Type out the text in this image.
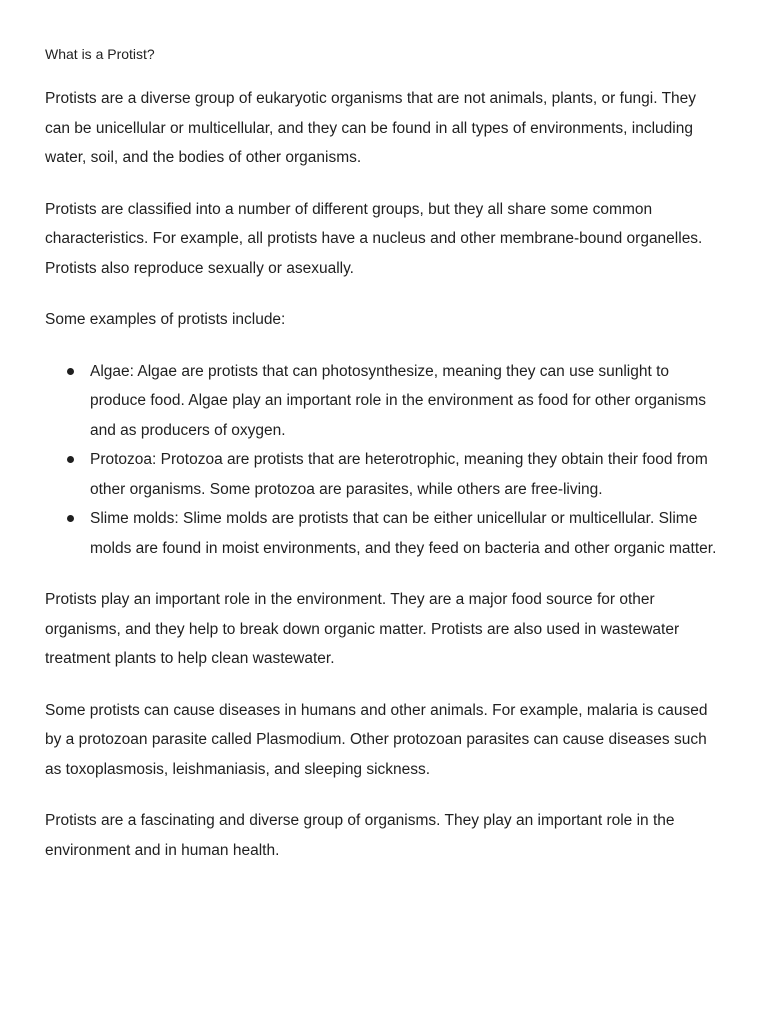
What is a Protist?

Protists are a diverse group of eukaryotic organisms that are not animals, plants, or fungi. They can be unicellular or multicellular, and they can be found in all types of environments, including water, soil, and the bodies of other organisms.

Protists are classified into a number of different groups, but they all share some common characteristics. For example, all protists have a nucleus and other membrane-bound organelles. Protists also reproduce sexually or asexually.

Some examples of protists include:

Algae: Algae are protists that can photosynthesize, meaning they can use sunlight to produce food. Algae play an important role in the environment as food for other organisms and as producers of oxygen.
Protozoa: Protozoa are protists that are heterotrophic, meaning they obtain their food from other organisms. Some protozoa are parasites, while others are free-living.
Slime molds: Slime molds are protists that can be either unicellular or multicellular. Slime molds are found in moist environments, and they feed on bacteria and other organic matter.

Protists play an important role in the environment. They are a major food source for other organisms, and they help to break down organic matter. Protists are also used in wastewater treatment plants to help clean wastewater.

Some protists can cause diseases in humans and other animals. For example, malaria is caused by a protozoan parasite called Plasmodium. Other protozoan parasites can cause diseases such as toxoplasmosis, leishmaniasis, and sleeping sickness.

Protists are a fascinating and diverse group of organisms. They play an important role in the environment and in human health.
